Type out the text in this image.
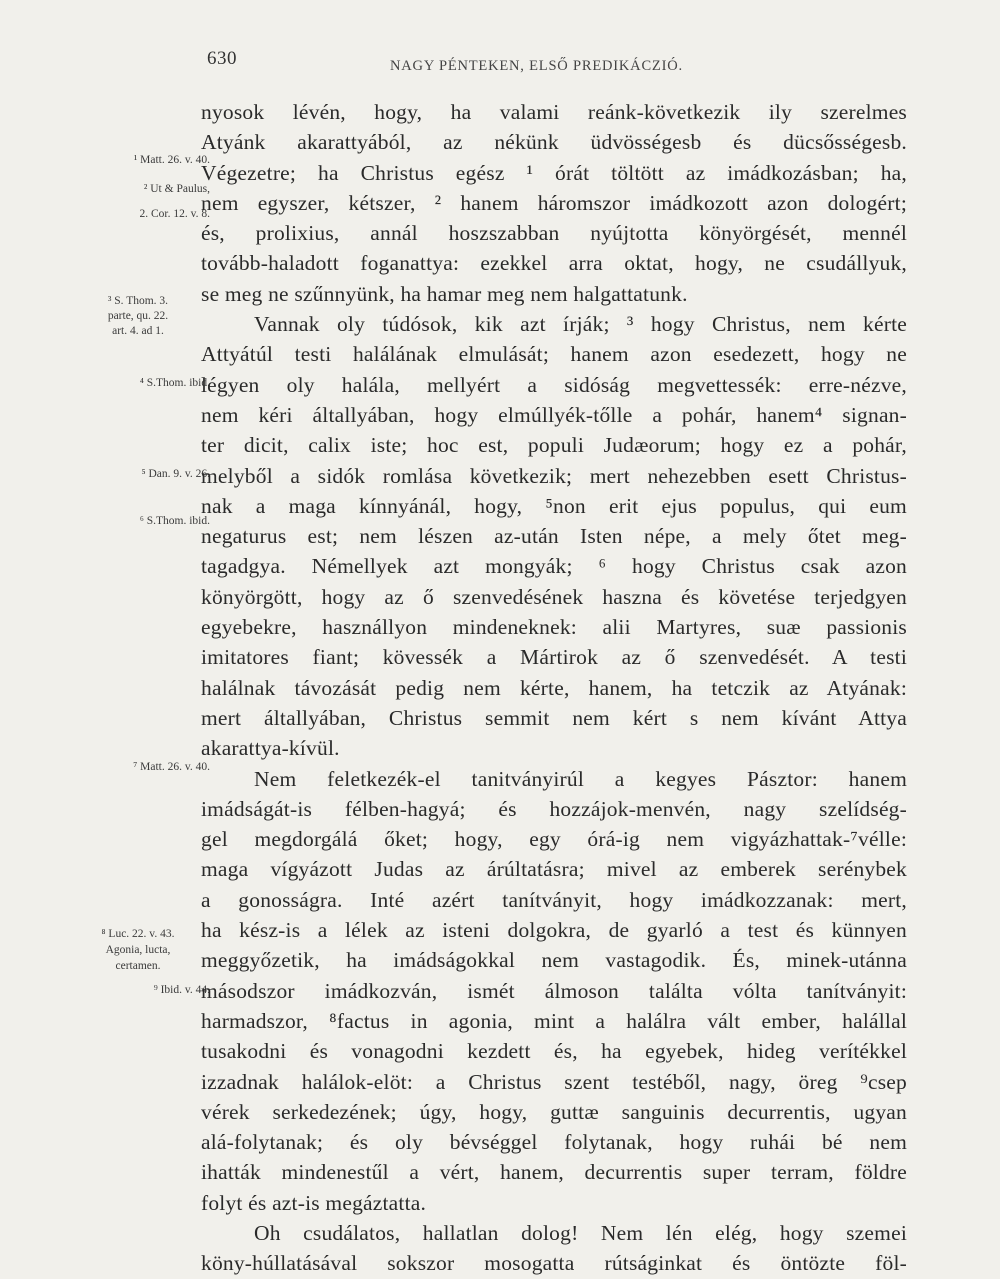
630	NAGY PÉNTEKEN, ELSŐ PREDIKÁCZIÓ.
¹ Matt. 26. v. 40.
² Ut & Paulus,
2. Cor. 12. v. 8.
³ S. Thom. 3.
parte, qu. 22.
art. 4. ad 1.
⁴ S.Thom. ibid.
⁵ Dan. 9. v. 26.
⁶ S.Thom. ibid.
⁷ Matt. 26. v. 40.
⁸ Luc. 22. v. 43.
Agonia, lucta,
certamen.
⁹ Ibid. v. 44.
nyosok lévén, hogy, ha valami reánk-következik ily szerelmes
Atyánk akarattyából, az nékünk üdvösségesb és dücsősségesb.
Végezetre; ha Christus egész ¹ órát töltött az imádkozásban; ha,
nem egyszer, kétszer, ² hanem háromszor imádkozott azon dologért;
és, prolixius, annál hoszszabban nyújtotta könyörgését, mennél
tovább-haladott foganattya: ezekkel arra oktat, hogy, ne csudállyuk,
se meg ne szűnnyünk, ha hamar meg nem halgattatunk.
Vannak oly túdósok, kik azt írják; ³ hogy Christus, nem kérte
Attyátúl testi halálának elmulását; hanem azon esedezett, hogy ne
légyen oly halála, mellyért a sidóság megvettessék: erre-nézve,
nem kéri általlyában, hogy elmúllyék-tőlle a pohár, hanem⁴ signan-
ter dicit, calix iste; hoc est, populi Judæorum; hogy ez a pohár,
melyből a sidók romlása következik; mert nehezebben esett Christus-
nak a maga kínnyánál, hogy, ⁵non erit ejus populus, qui eum
negaturus est; nem lészen az-után Isten népe, a mely őtet meg-
tagadgya. Némellyek azt mongyák; ⁶ hogy Christus csak azon
könyörgött, hogy az ő szenvedésének haszna és követése terjedgyen
egyebekre, használlyon mindeneknek: alii Martyres, suæ passionis
imitatores fiant; kövessék a Mártirok az ő szenvedését. A testi
halálnak távozását pedig nem kérte, hanem, ha tetczik az Atyának:
mert általlyában, Christus semmit nem kért s nem kívánt Attya
akarattya-kívül.
Nem feletkezék-el tanitványirúl a kegyes Pásztor: hanem
imádságát-is félben-hagyá; és hozzájok-menvén, nagy szelídség-
gel megdorgálá őket; hogy, egy órá-ig nem vigyázhattak-⁷vélle:
maga vígyázott Judas az árúltatásra; mivel az emberek serénybek
a gonosságra. Inté azért tanítványit, hogy imádkozzanak: mert,
ha kész-is a lélek az isteni dolgokra, de gyarló a test és künnyen
meggyőzetik, ha imádságokkal nem vastagodik. És, minek-utánna
másodszor imádkozván, ismét álmoson találta vólta tanítványit:
harmadszor, ⁸factus in agonia, mint a halálra vált ember, halállal
tusakodni és vonagodni kezdett és, ha egyebek, hideg verítékkel
izzadnak halálok-elöt: a Christus szent testéből, nagy, öreg ⁹csep
vérek serkedezének; úgy, hogy, guttæ sanguinis decurrentis, ugyan
alá-folytanak; és oly bévséggel folytanak, hogy ruhái bé nem
ihatták mindenestűl a vért, hanem, decurrentis super terram, földre
folyt és azt-is megáztatta.
Oh csudálatos, hallatlan dolog! Nem lén elég, hogy szemei
köny-húllatásával sokszor mosogatta rútságinkat és öntözte föl-
